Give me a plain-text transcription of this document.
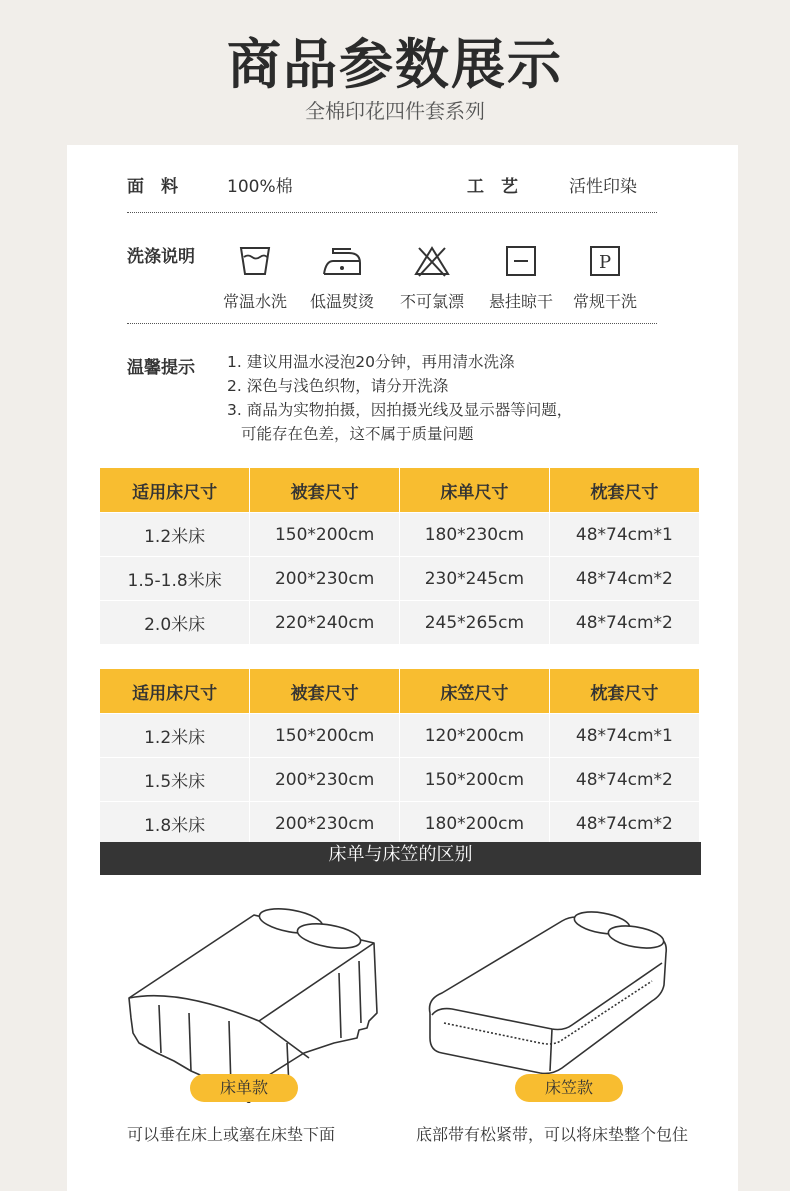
商品参数展示
全棉印花四件套系列
面　料	100%棉	工　艺	活性印染
洗涤说明
常温水洗 低温熨烫 不可氯漂 悬挂晾干
P
常规干洗
温馨提示 1. 建议用温水浸泡20分钟，再用清水洗涤
2. 深色与浅色织物，请分开洗涤
3. 商品为实物拍摄，因拍摄光线及显示器等问题，
可能存在色差，这不属于质量问题
适用床尺寸	被套尺寸	床单尺寸	枕套尺寸
1.2米床	150*200cm	180*230cm	48*74cm*1
1.5-1.8米床	200*230cm	230*245cm	48*74cm*2
2.0米床	220*240cm	245*265cm	48*74cm*2
适用床尺寸	被套尺寸	床笠尺寸	枕套尺寸
1.2米床	150*200cm	120*200cm	48*74cm*1
1.5米床	200*230cm	150*200cm	48*74cm*2
1.8米床	200*230cm	180*200cm	48*74cm*2
床单与床笠的区别
床单款	床笠款
可以垂在床上或塞在床垫下面	底部带有松紧带，可以将床垫整个包住
